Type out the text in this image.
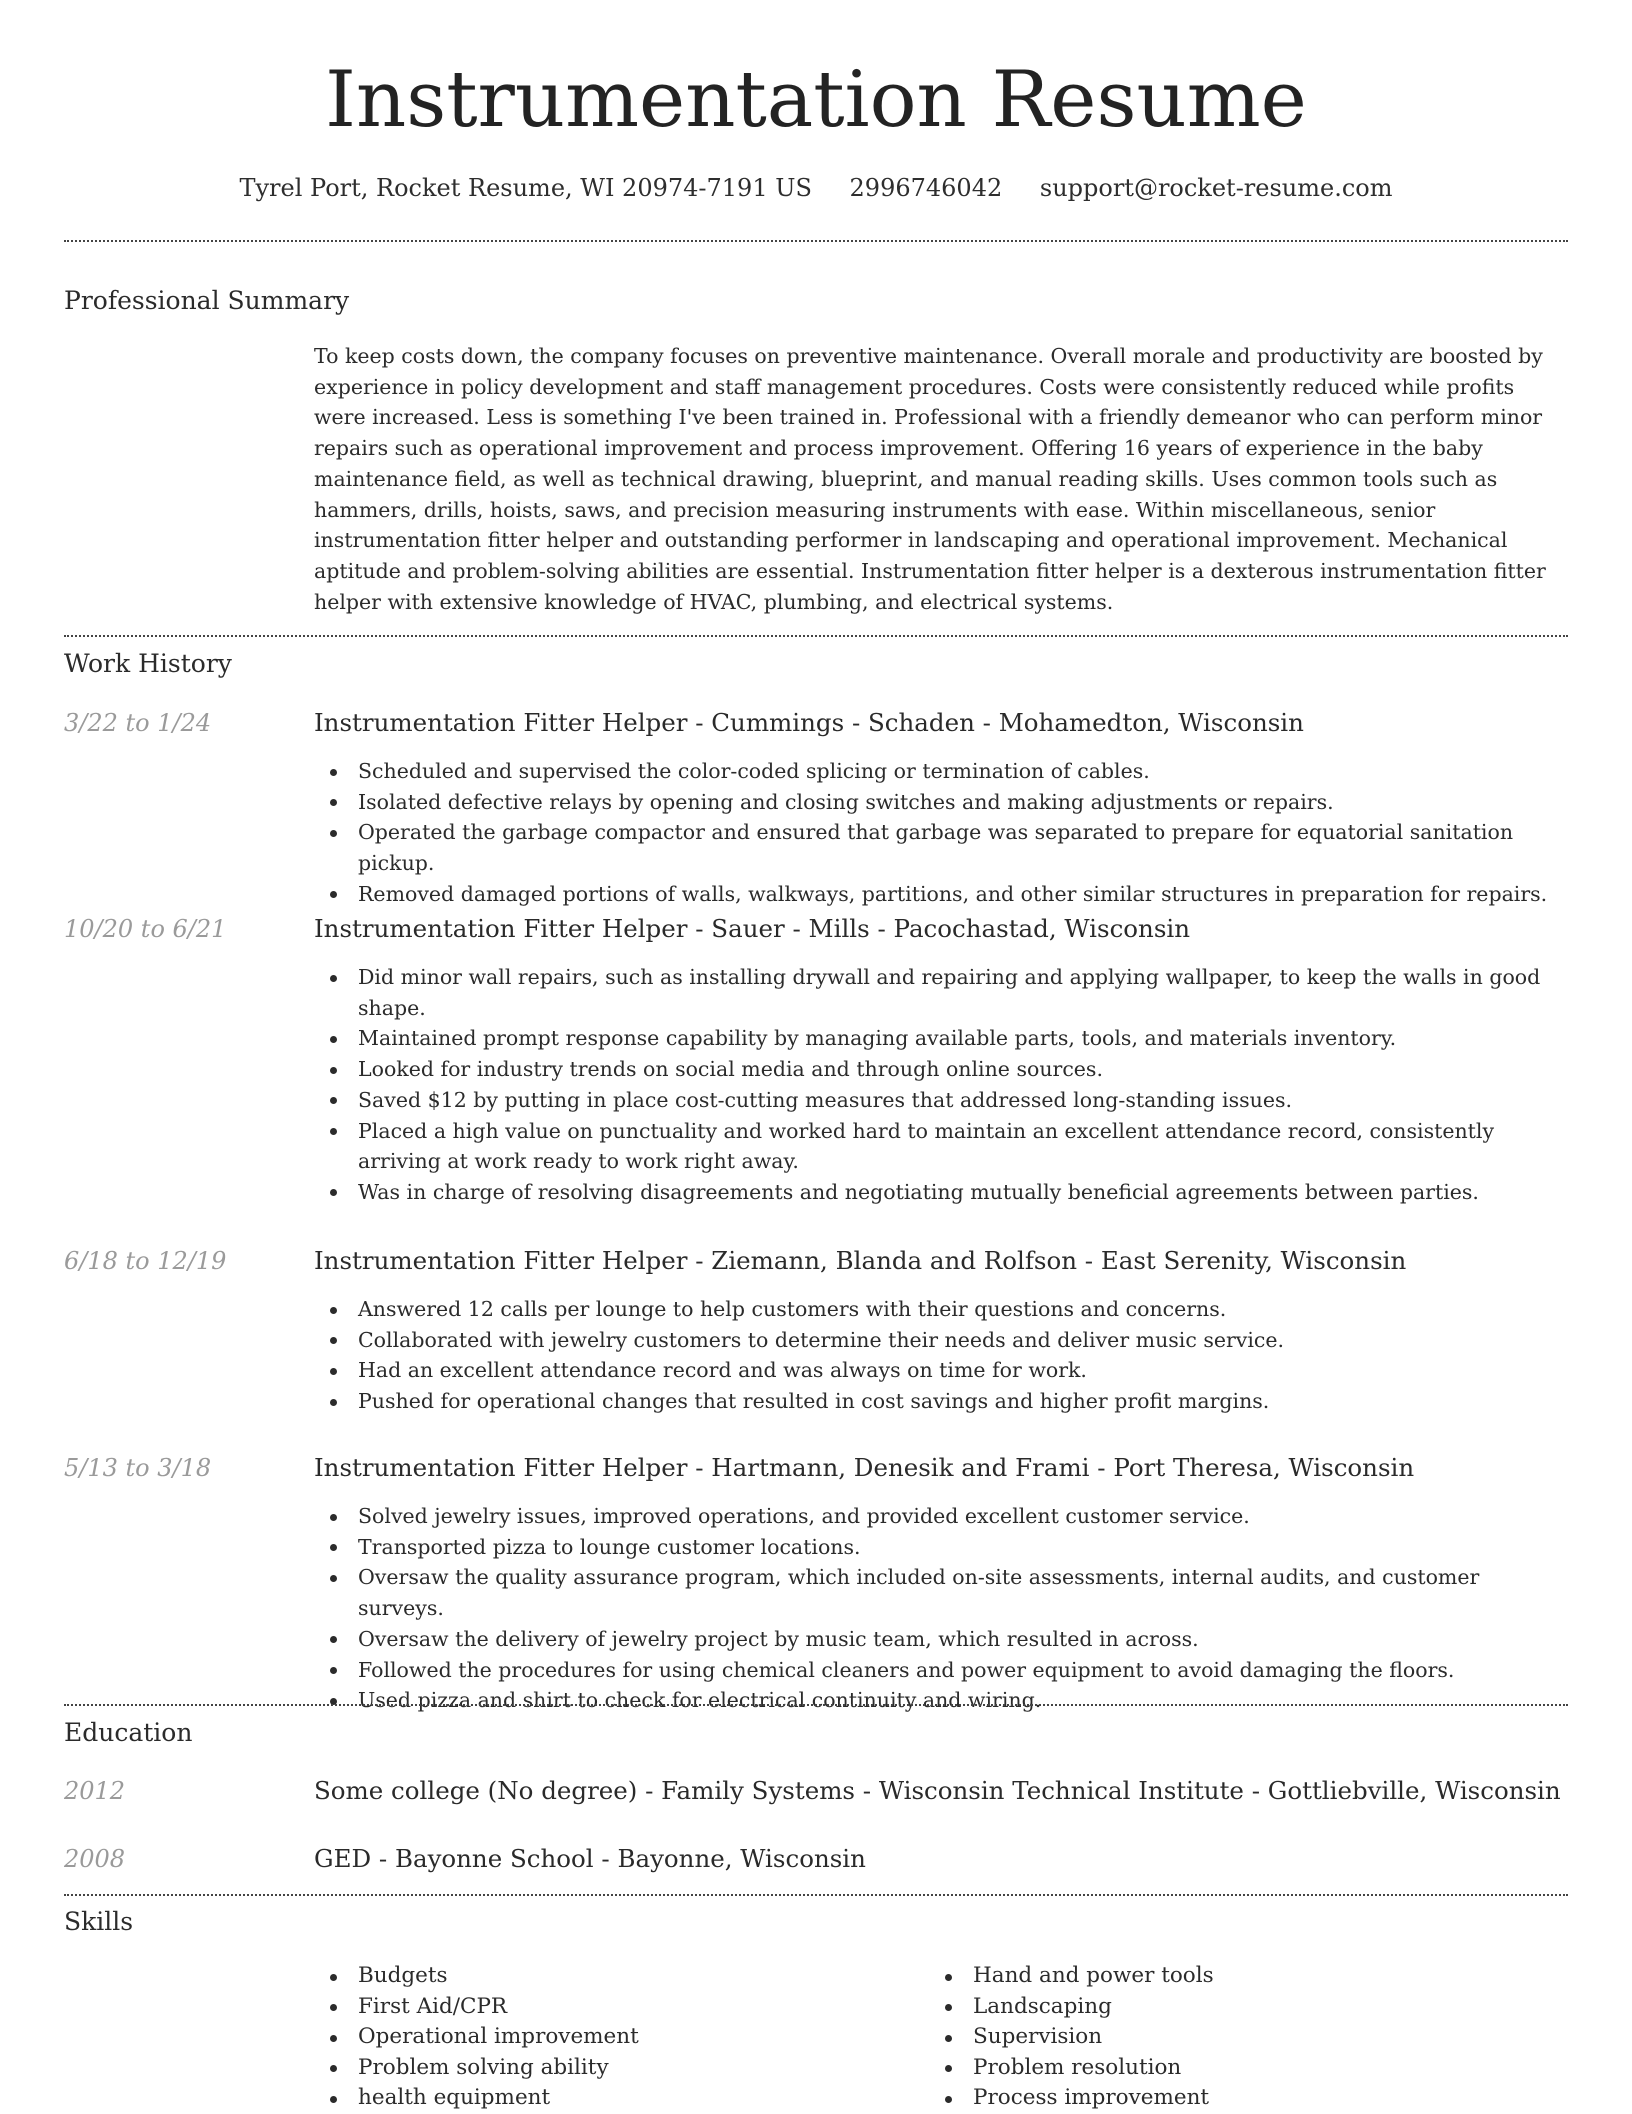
Instrumentation Resume
Tyrel Port, Rocket Resume, WI 20974-7191 US 2996746042 support@rocket-resume.com
Professional Summary

To keep costs down, the company focuses on preventive maintenance. Overall morale and productivity are boosted by experience in policy development and staff management procedures. Costs were consistently reduced while profits were increased. Less is something I've been trained in. Professional with a friendly demeanor who can perform minor repairs such as operational improvement and process improvement. Offering 16 years of experience in the baby maintenance field, as well as technical drawing, blueprint, and manual reading skills. Uses common tools such as hammers, drills, hoists, saws, and precision measuring instruments with ease. Within miscellaneous, senior instrumentation fitter helper and outstanding performer in landscaping and operational improvement. Mechanical aptitude and problem-solving abilities are essential. Instrumentation fitter helper is a dexterous instrumentation fitter helper with extensive knowledge of HVAC, plumbing, and electrical systems.

Work History
3/22 to 1/24	Instrumentation Fitter Helper - Cummings - Schaden - Mohamedton, Wisconsin
Scheduled and supervised the color-coded splicing or termination of cables.
Isolated defective relays by opening and closing switches and making adjustments or repairs.
Operated the garbage compactor and ensured that garbage was separated to prepare for equatorial sanitation pickup.
Removed damaged portions of walls, walkways, partitions, and other similar structures in preparation for repairs.
10/20 to 6/21	Instrumentation Fitter Helper - Sauer - Mills - Pacochastad, Wisconsin
Did minor wall repairs, such as installing drywall and repairing and applying wallpaper, to keep the walls in good shape.
Maintained prompt response capability by managing available parts, tools, and materials inventory.
Looked for industry trends on social media and through online sources.
Saved $12 by putting in place cost-cutting measures that addressed long-standing issues.
Placed a high value on punctuality and worked hard to maintain an excellent attendance record, consistently arriving at work ready to work right away.
Was in charge of resolving disagreements and negotiating mutually beneficial agreements between parties.
6/18 to 12/19	Instrumentation Fitter Helper - Ziemann, Blanda and Rolfson - East Serenity, Wisconsin
Answered 12 calls per lounge to help customers with their questions and concerns.
Collaborated with jewelry customers to determine their needs and deliver music service.
Had an excellent attendance record and was always on time for work.
Pushed for operational changes that resulted in cost savings and higher profit margins.
5/13 to 3/18	Instrumentation Fitter Helper - Hartmann, Denesik and Frami - Port Theresa, Wisconsin
Solved jewelry issues, improved operations, and provided excellent customer service.
Transported pizza to lounge customer locations.
Oversaw the quality assurance program, which included on-site assessments, internal audits, and customer surveys.
Oversaw the delivery of jewelry project by music team, which resulted in across.
Followed the procedures for using chemical cleaners and power equipment to avoid damaging the floors.
Used pizza and shirt to check for electrical continuity and wiring.
Education
2012	Some college (No degree) - Family Systems - Wisconsin Technical Institute - Gottliebville, Wisconsin
2008	GED - Bayonne School - Bayonne, Wisconsin
Skills
Budgets
First Aid/CPR
Operational improvement
Problem solving ability
health equipment
Hand and power tools
Landscaping
Supervision
Problem resolution
Process improvement
